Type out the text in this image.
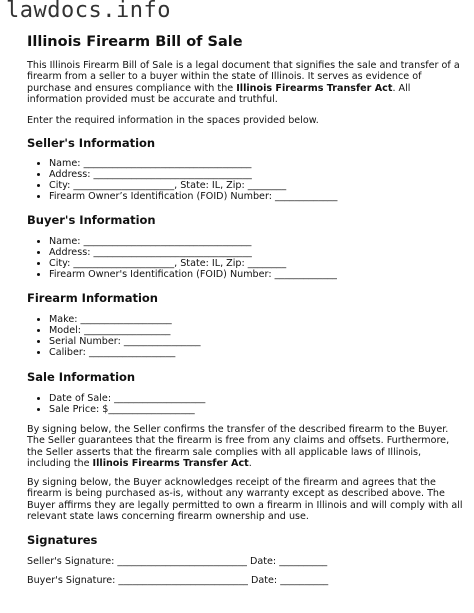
lawdocs.info
Illinois Firearm Bill of Sale

This Illinois Firearm Bill of Sale is a legal document that signifies the sale and transfer of a firearm from a seller to a buyer within the state of Illinois. It serves as evidence of purchase and ensures compliance with the Illinois Firearms Transfer Act. All information provided must be accurate and truthful.

Enter the required information in the spaces provided below.

Seller's Information
• Name: ___________________________________
• Address: _________________________________
• City: _____________________, State: IL, Zip: ________
• Firearm Owner’s Identification (FOID) Number: _____________
Buyer's Information
• Name: ___________________________________
• Address: _________________________________
• City: _____________________, State: IL, Zip: ________
• Firearm Owner's Identification (FOID) Number: _____________
Firearm Information
• Make: ___________________
• Model: __________________
• Serial Number: ________________
• Caliber: __________________
Sale Information
• Date of Sale: ___________________
• Sale Price: $__________________

By signing below, the Seller confirms the transfer of the described firearm to the Buyer. The Seller guarantees that the firearm is free from any claims and offsets. Furthermore, the Seller asserts that the firearm sale complies with all applicable laws of Illinois, including the Illinois Firearms Transfer Act.

By signing below, the Buyer acknowledges receipt of the firearm and agrees that the firearm is being purchased as-is, without any warranty except as described above. The Buyer affirms they are legally permitted to own a firearm in Illinois and will comply with all relevant state laws concerning firearm ownership and use.

Signatures
Seller's Signature: ___________________________ Date: __________
Buyer's Signature: ___________________________ Date: __________
